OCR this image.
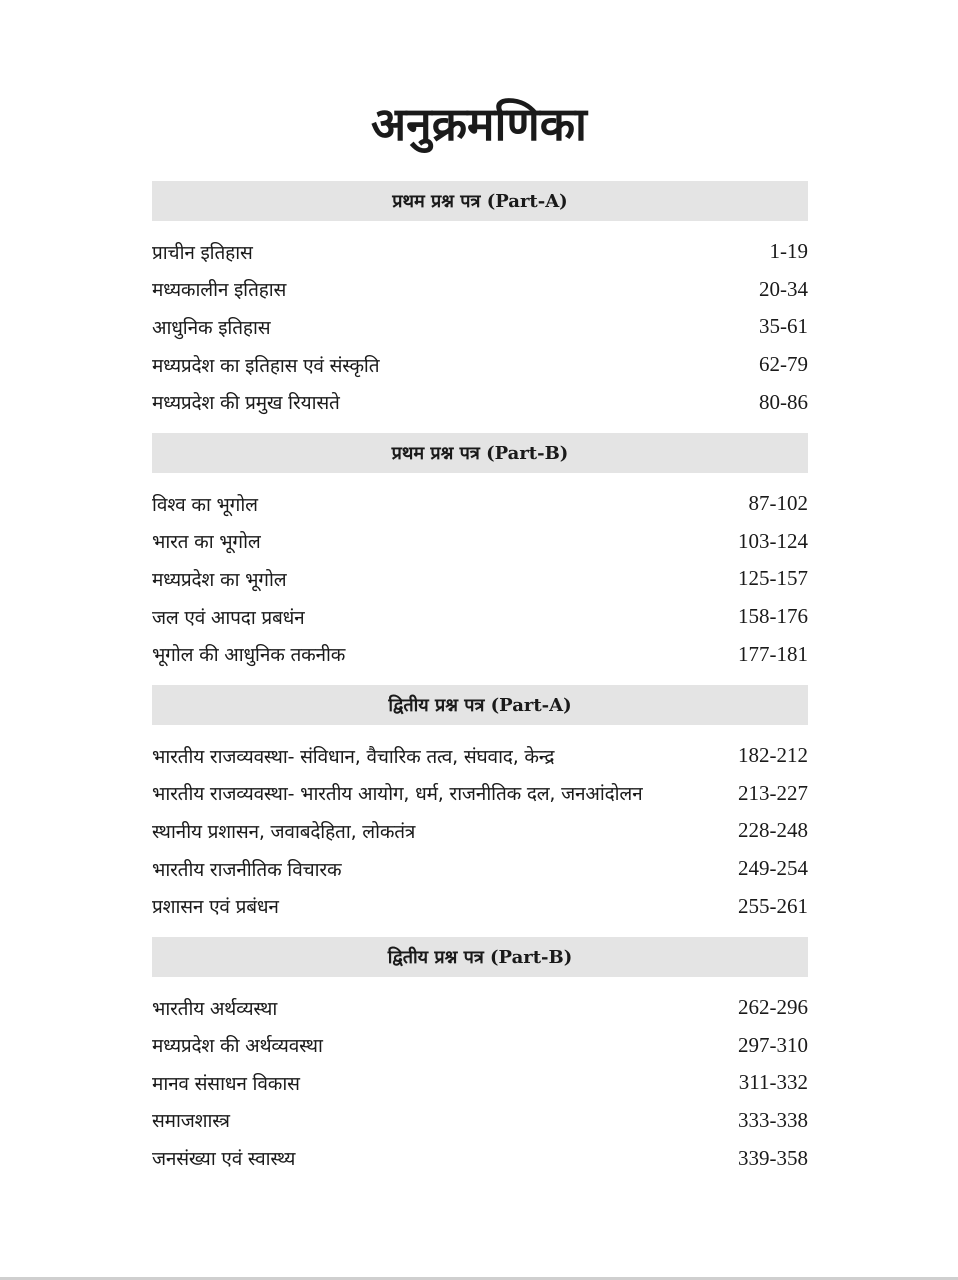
अनुक्रमणिका
प्रथम प्रश्न पत्र (Part-A)
प्राचीन इतिहास	1-19
मध्यकालीन इतिहास	20-34
आधुनिक इतिहास	35-61
मध्यप्रदेश का इतिहास एवं संस्कृति	62-79
मध्यप्रदेश की प्रमुख रियासते	80-86
प्रथम प्रश्न पत्र (Part-B)
विश्व का भूगोल	87-102
भारत का भूगोल	103-124
मध्यप्रदेश का भूगोल	125-157
जल एवं आपदा प्रबधंन	158-176
भूगोल की आधुनिक तकनीक	177-181
द्वितीय प्रश्न पत्र (Part-A)
भारतीय राजव्यवस्था- संविधान, वैचारिक तत्व, संघवाद, केन्द्र	182-212
भारतीय राजव्यवस्था- भारतीय आयोग, धर्म, राजनीतिक दल, जनआंदोलन	213-227
स्थानीय प्रशासन, जवाबदेहिता, लोकतंत्र	228-248
भारतीय राजनीतिक विचारक	249-254
प्रशासन एवं प्रबंधन	255-261
द्वितीय प्रश्न पत्र (Part-B)
भारतीय अर्थव्यस्था	262-296
मध्यप्रदेश की अर्थव्यवस्था	297-310
मानव संसाधन विकास	311-332
समाजशास्त्र	333-338
जनसंख्या एवं स्वास्थ्य	339-358
